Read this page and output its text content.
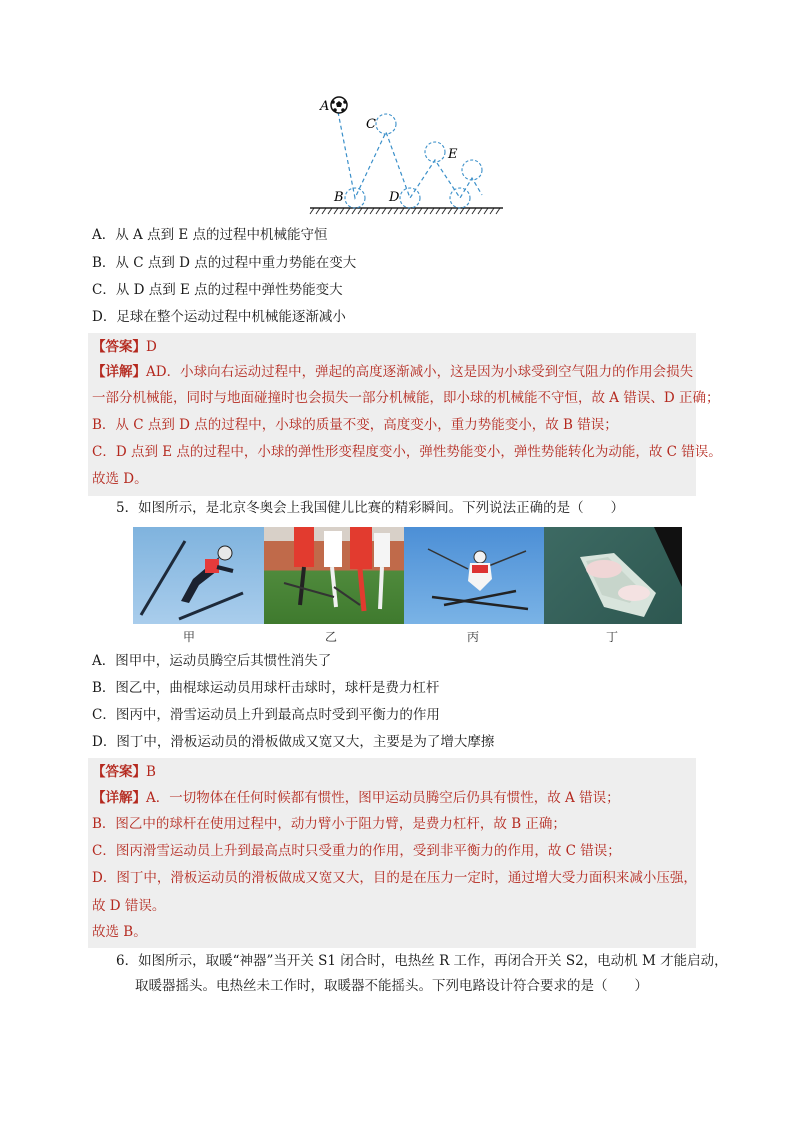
A
B
C
D
E
A．从 A 点到 E 点的过程中机械能守恒
B．从 C 点到 D 点的过程中重力势能在变大
C．从 D 点到 E 点的过程中弹性势能变大
D．足球在整个运动过程中机械能逐渐减小
【答案】D
【详解】AD．小球向右运动过程中，弹起的高度逐渐减小，这是因为小球受到空气阻力的作用会损失
一部分机械能，同时与地面碰撞时也会损失一部分机械能，即小球的机械能不守恒，故 A 错误、D 正确；
B．从 C 点到 D 点的过程中，小球的质量不变，高度变小，重力势能变小，故 B 错误；
C．D 点到 E 点的过程中，小球的弹性形变程度变小，弹性势能变小，弹性势能转化为动能，故 C 错误。
故选 D。
5．如图所示，是北京冬奥会上我国健儿比赛的精彩瞬间。下列说法正确的是（　　）
甲	乙	丙	丁
A．图甲中，运动员腾空后其惯性消失了
B．图乙中，曲棍球运动员用球杆击球时，球杆是费力杠杆
C．图丙中，滑雪运动员上升到最高点时受到平衡力的作用
D．图丁中，滑板运动员的滑板做成又宽又大，主要是为了增大摩擦
【答案】B
【详解】A．一切物体在任何时候都有惯性，图甲运动员腾空后仍具有惯性，故 A 错误；
B．图乙中的球杆在使用过程中，动力臂小于阻力臂，是费力杠杆，故 B 正确；
C．图丙滑雪运动员上升到最高点时只受重力的作用，受到非平衡力的作用，故 C 错误；
D．图丁中，滑板运动员的滑板做成又宽又大，目的是在压力一定时，通过增大受力面积来减小压强，
故 D 错误。
故选 B。
6．如图所示，取暖“神器”当开关 S1 闭合时，电热丝 R 工作，再闭合开关 S2，电动机 M 才能启动，
取暖器摇头。电热丝未工作时，取暖器不能摇头。下列电路设计符合要求的是（　　）
